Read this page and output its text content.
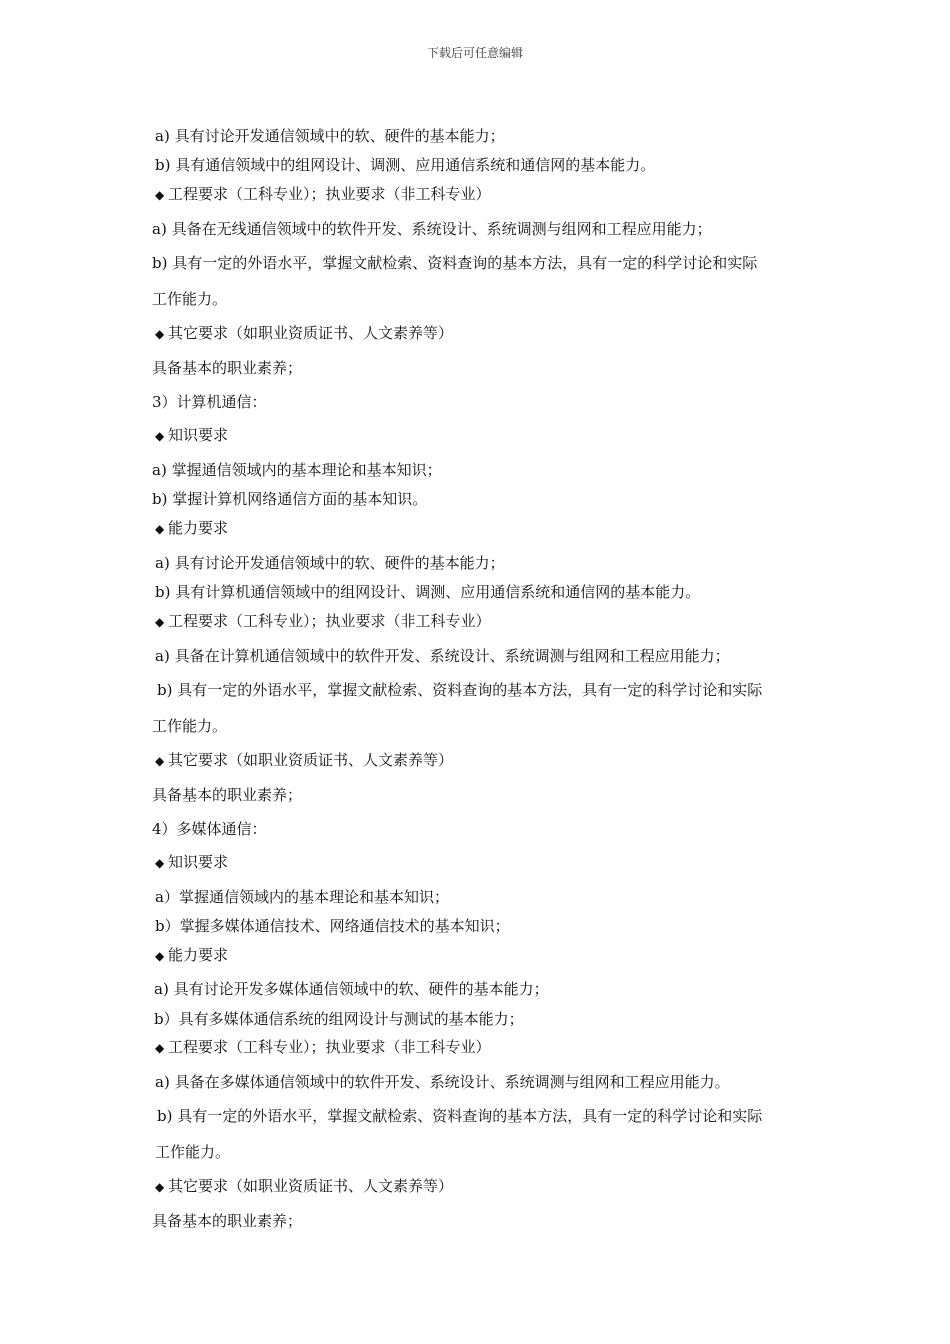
下载后可任意编辑
a) 具有讨论开发通信领域中的软、硬件的基本能力；
b) 具有通信领域中的组网设计、调测、应用通信系统和通信网的基本能力。
◆ 工程要求（工科专业）；执业要求（非工科专业）
a) 具备在无线通信领域中的软件开发、系统设计、系统调测与组网和工程应用能力；
b) 具有一定的外语水平，掌握文献检索、资料查询的基本方法，具有一定的科学讨论和实际
工作能力。
◆ 其它要求（如职业资质证书、人文素养等）
具备基本的职业素养；
3）计算机通信：
◆ 知识要求
a) 掌握通信领域内的基本理论和基本知识；
b) 掌握计算机网络通信方面的基本知识。
◆ 能力要求
a) 具有讨论开发通信领域中的软、硬件的基本能力；
b) 具有计算机通信领域中的组网设计、调测、应用通信系统和通信网的基本能力。
◆ 工程要求（工科专业）；执业要求（非工科专业）
a) 具备在计算机通信领域中的软件开发、系统设计、系统调测与组网和工程应用能力；
b) 具有一定的外语水平，掌握文献检索、资料查询的基本方法，具有一定的科学讨论和实际
工作能力。
◆ 其它要求（如职业资质证书、人文素养等）
具备基本的职业素养；
4）多媒体通信：
◆ 知识要求
a）掌握通信领域内的基本理论和基本知识；
b）掌握多媒体通信技术、网络通信技术的基本知识；
◆ 能力要求
a) 具有讨论开发多媒体通信领域中的软、硬件的基本能力；
b）具有多媒体通信系统的组网设计与测试的基本能力；
◆ 工程要求（工科专业）；执业要求（非工科专业）
a) 具备在多媒体通信领域中的软件开发、系统设计、系统调测与组网和工程应用能力。
b) 具有一定的外语水平，掌握文献检索、资料查询的基本方法，具有一定的科学讨论和实际
工作能力。
◆ 其它要求（如职业资质证书、人文素养等）
具备基本的职业素养；
